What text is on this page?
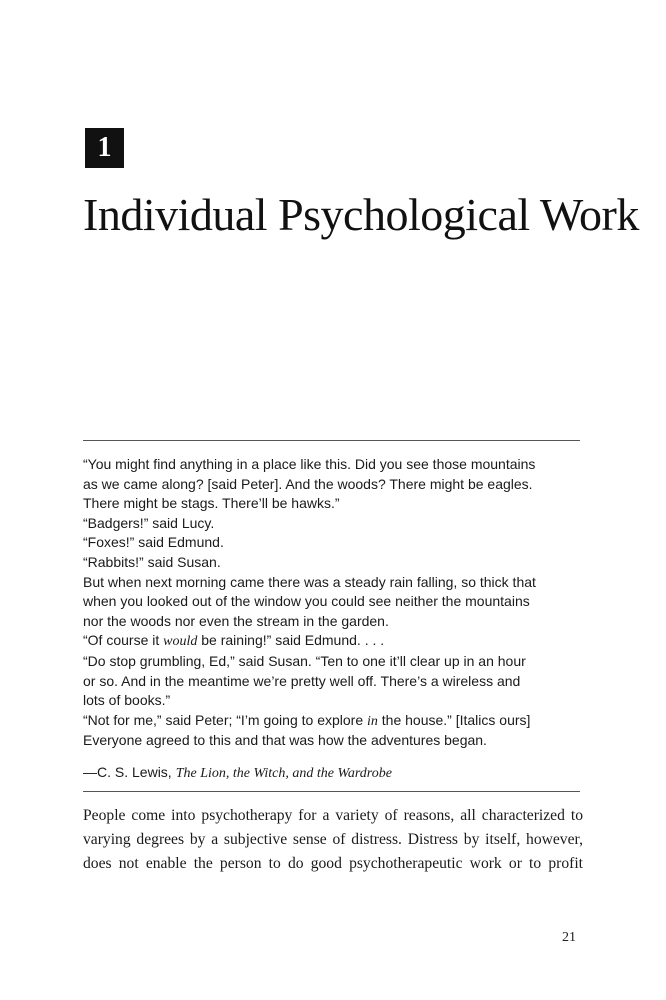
1
Individual Psychological Work

“You might find anything in a place like this. Did you see those mountains

as we came along? [said Peter]. And the woods? There might be eagles.

There might be stags. There’ll be hawks.”

“Badgers!” said Lucy.

“Foxes!” said Edmund.

“Rabbits!” said Susan.

But when next morning came there was a steady rain falling, so thick that

when you looked out of the window you could see neither the mountains

nor the woods nor even the stream in the garden.

“Of course it would be raining!” said Edmund. . . .

“Do stop grumbling, Ed,” said Susan. “Ten to one it’ll clear up in an hour

or so. And in the meantime we’re pretty well off. There’s a wireless and

lots of books.”

“Not for me,” said Peter; “I’m going to explore in the house.” [Italics ours]

Everyone agreed to this and that was how the adventures began.

—C. S. Lewis, The Lion, the Witch, and the Wardrobe

People come into psychotherapy for a variety of reasons, all characterized to

varying degrees by a subjective sense of distress. Distress by itself, however,

does not enable the person to do good psychotherapeutic work or to profit

21
